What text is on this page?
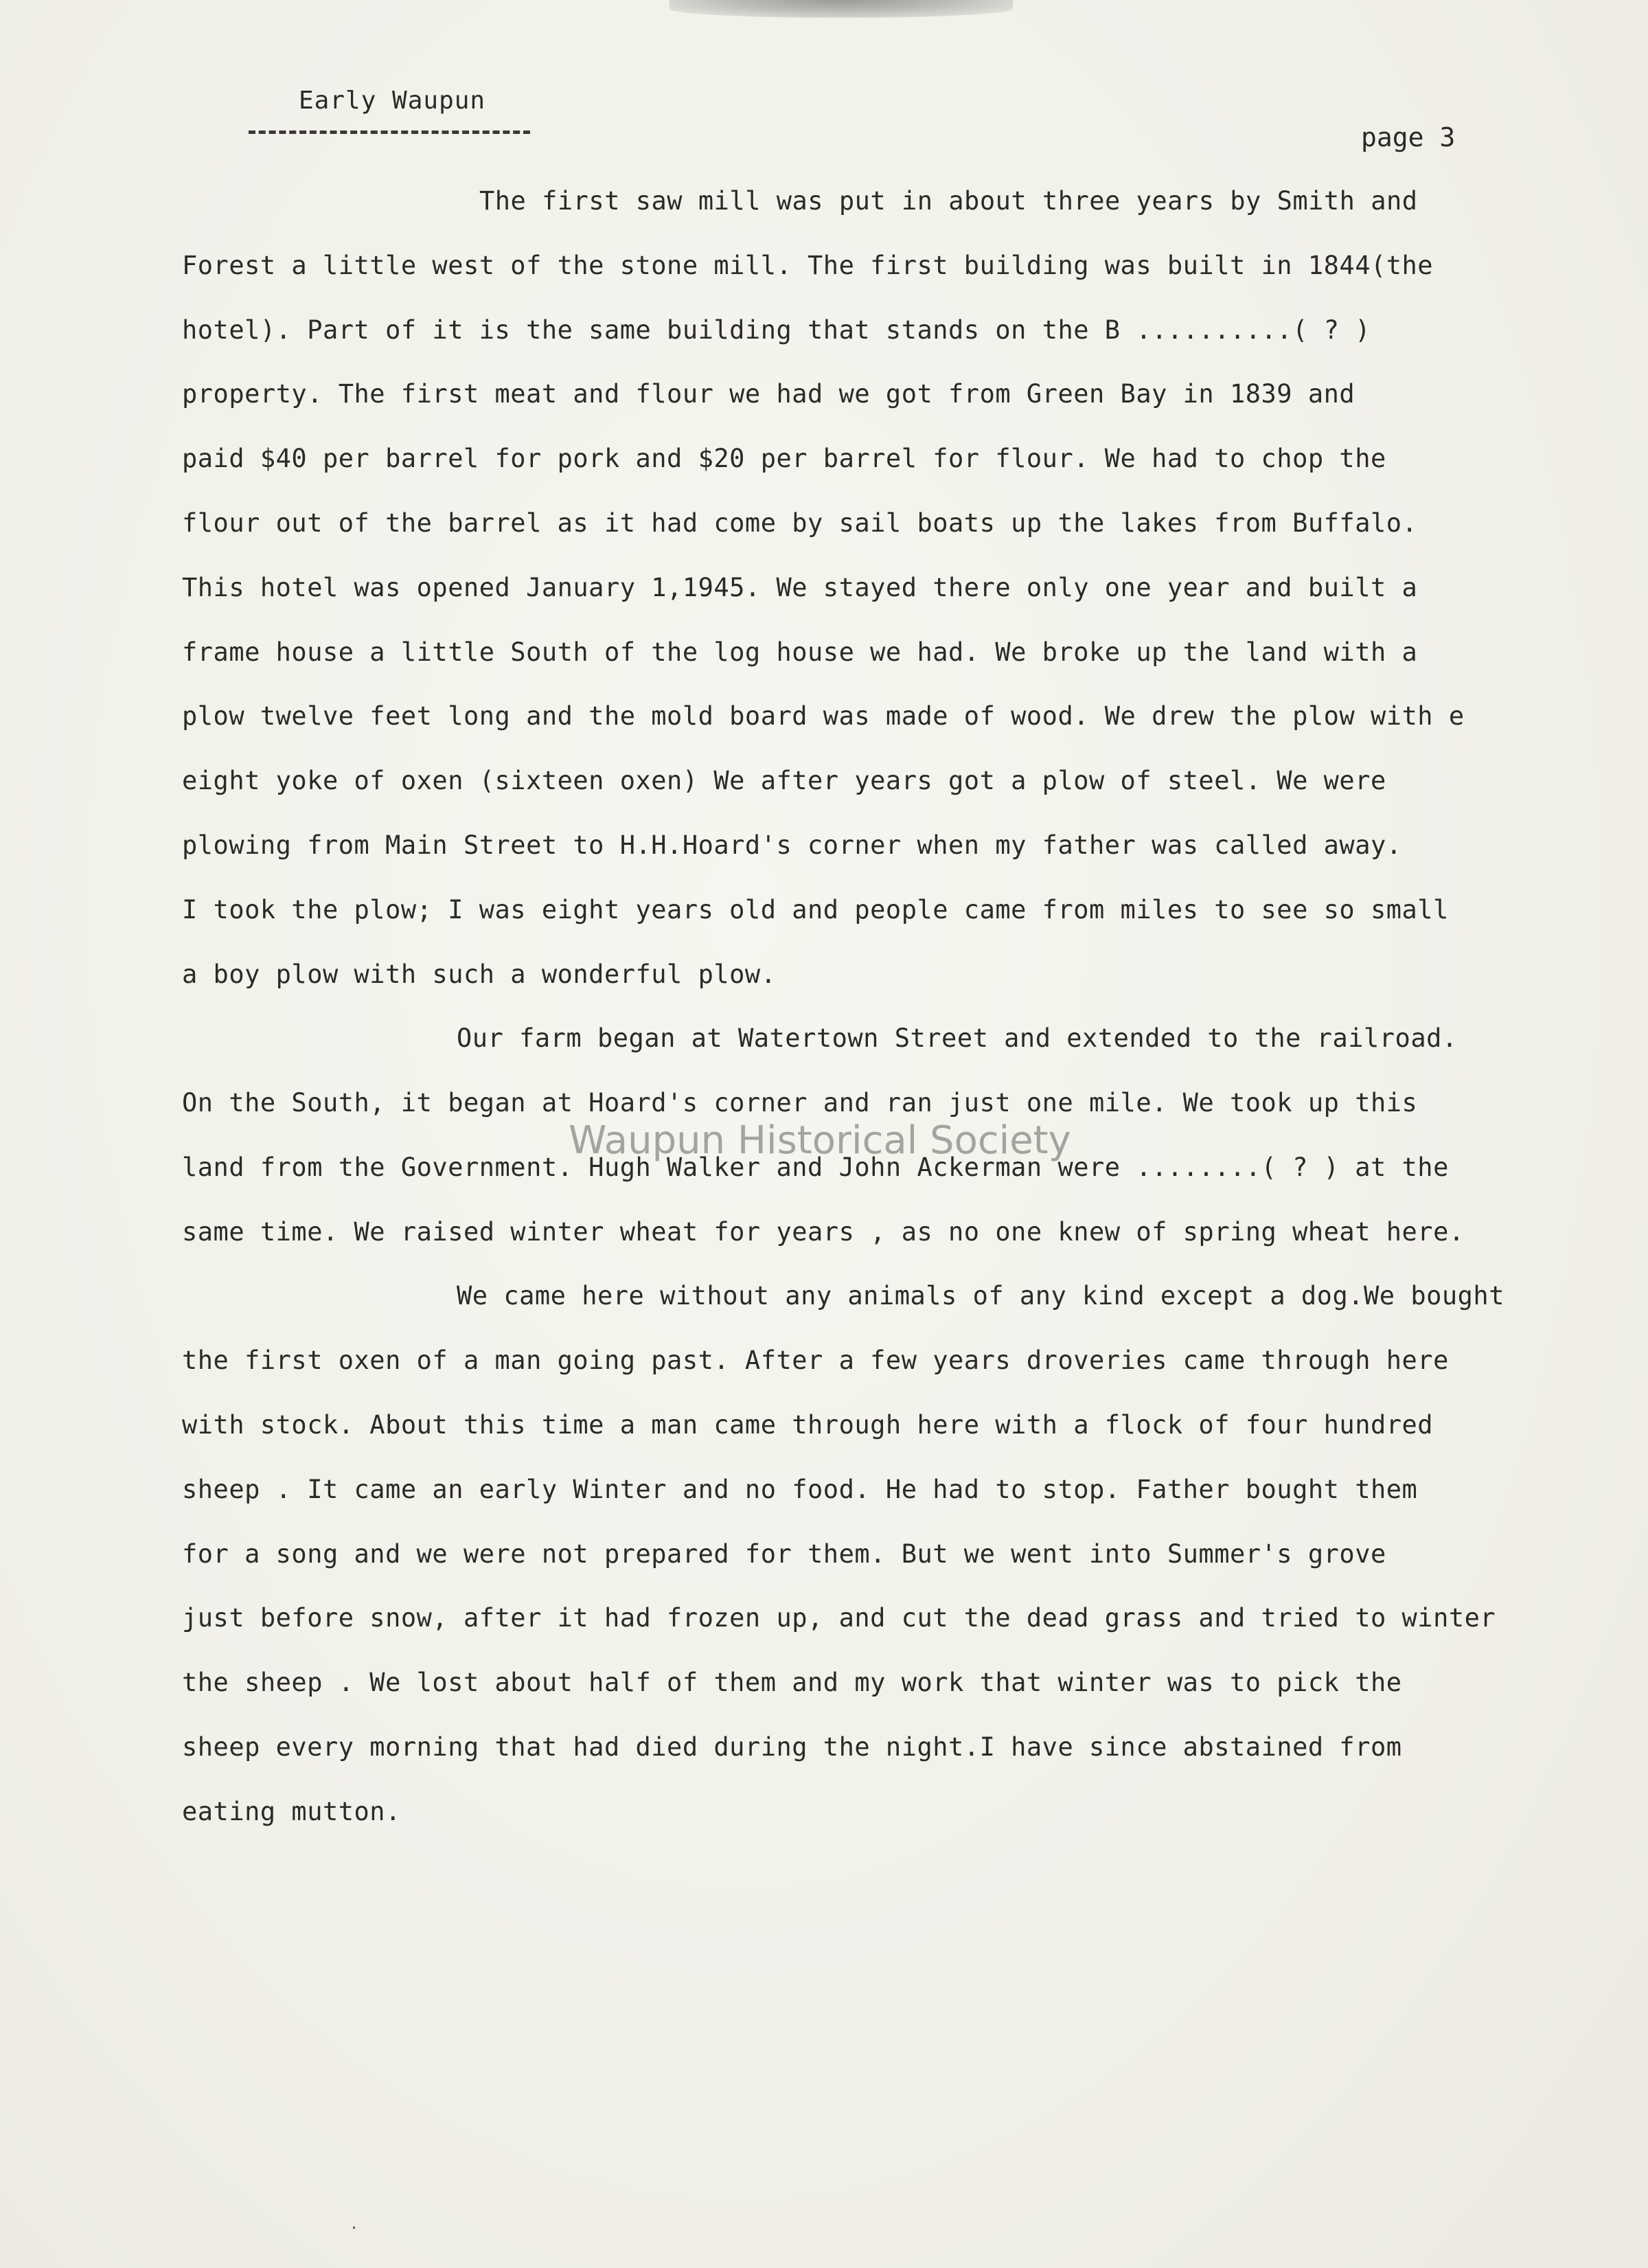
Early Waupun
page 3
The first saw mill was put in about three years by Smith and
Forest a little west of the stone mill. The first building was built in 1844(the
hotel). Part of it is the same building that stands on the B ..........( ? )
property. The first meat and flour we had we got from Green Bay in 1839 and
paid $40 per barrel for pork and $20 per barrel for flour. We had to chop the
flour out of the barrel as it had come by sail boats up the lakes from Buffalo.
This hotel was opened January 1,1945. We stayed there only one year and built a
frame house a little South of the log house we had. We broke up the land with a
plow twelve feet long and the mold board was made of wood. We drew the plow with e
eight yoke of oxen (sixteen oxen) We after years got a plow of steel. We were
plowing from Main Street to H.H.Hoard's corner when my father was called away.
I took the plow; I was eight years old and people came from miles to see so small
a boy plow with such a wonderful plow.
Our farm began at Watertown Street and extended to the railroad.
On the South, it began at Hoard's corner and ran just one mile. We took up this
land from the Government. Hugh Walker and John Ackerman were ........( ? ) at the
same time. We raised winter wheat for years , as no one knew of spring wheat here.
We came here without any animals of any kind except a dog.We bought
the first oxen of a man going past. After a few years droveries came through here
with stock. About this time a man came through here with a flock of four hundred
sheep . It came an early Winter and no food. He had to stop. Father bought them
for a song and we were not prepared for them. But we went into Summer's grove
just before snow, after it had frozen up, and cut the dead grass and tried to winter
the sheep . We lost about half of them and my work that winter was to pick the
sheep every morning that had died during the night.I have since abstained from
eating mutton.
Waupun Historical Society
·
